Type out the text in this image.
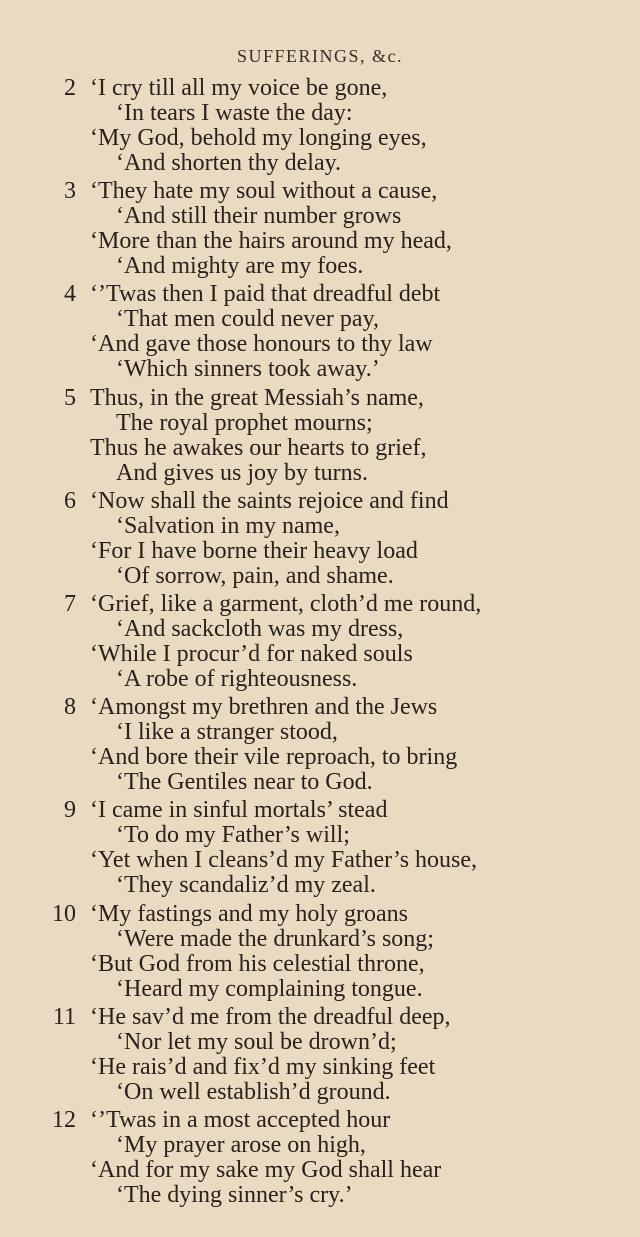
SUFFERINGS, &c.
2 ‘I cry till all my voice be gone,
‘In tears I waste the day:
‘My God, behold my longing eyes,
‘And shorten thy delay.
3 ‘They hate my soul without a cause,
‘And still their number grows
‘More than the hairs around my head,
‘And mighty are my foes.
4 ‘’Twas then I paid that dreadful debt
‘That men could never pay,
‘And gave those honours to thy law
‘Which sinners took away.’
5 Thus, in the great Messiah’s name,
The royal prophet mourns;
Thus he awakes our hearts to grief,
And gives us joy by turns.
6 ‘Now shall the saints rejoice and find
‘Salvation in my name,
‘For I have borne their heavy load
‘Of sorrow, pain, and shame.
7 ‘Grief, like a garment, cloth’d me round,
‘And sackcloth was my dress,
‘While I procur’d for naked souls
‘A robe of righteousness.
8 ‘Amongst my brethren and the Jews
‘I like a stranger stood,
‘And bore their vile reproach, to bring
‘The Gentiles near to God.
9 ‘I came in sinful mortals’ stead
‘To do my Father’s will;
‘Yet when I cleans’d my Father’s house,
‘They scandaliz’d my zeal.
10 ‘My fastings and my holy groans
‘Were made the drunkard’s song;
‘But God from his celestial throne,
‘Heard my complaining tongue.
11 ‘He sav’d me from the dreadful deep,
‘Nor let my soul be drown’d;
‘He rais’d and fix’d my sinking feet
‘On well establish’d ground.
12 ‘’Twas in a most accepted hour
‘My prayer arose on high,
‘And for my sake my God shall hear
‘The dying sinner’s cry.’
